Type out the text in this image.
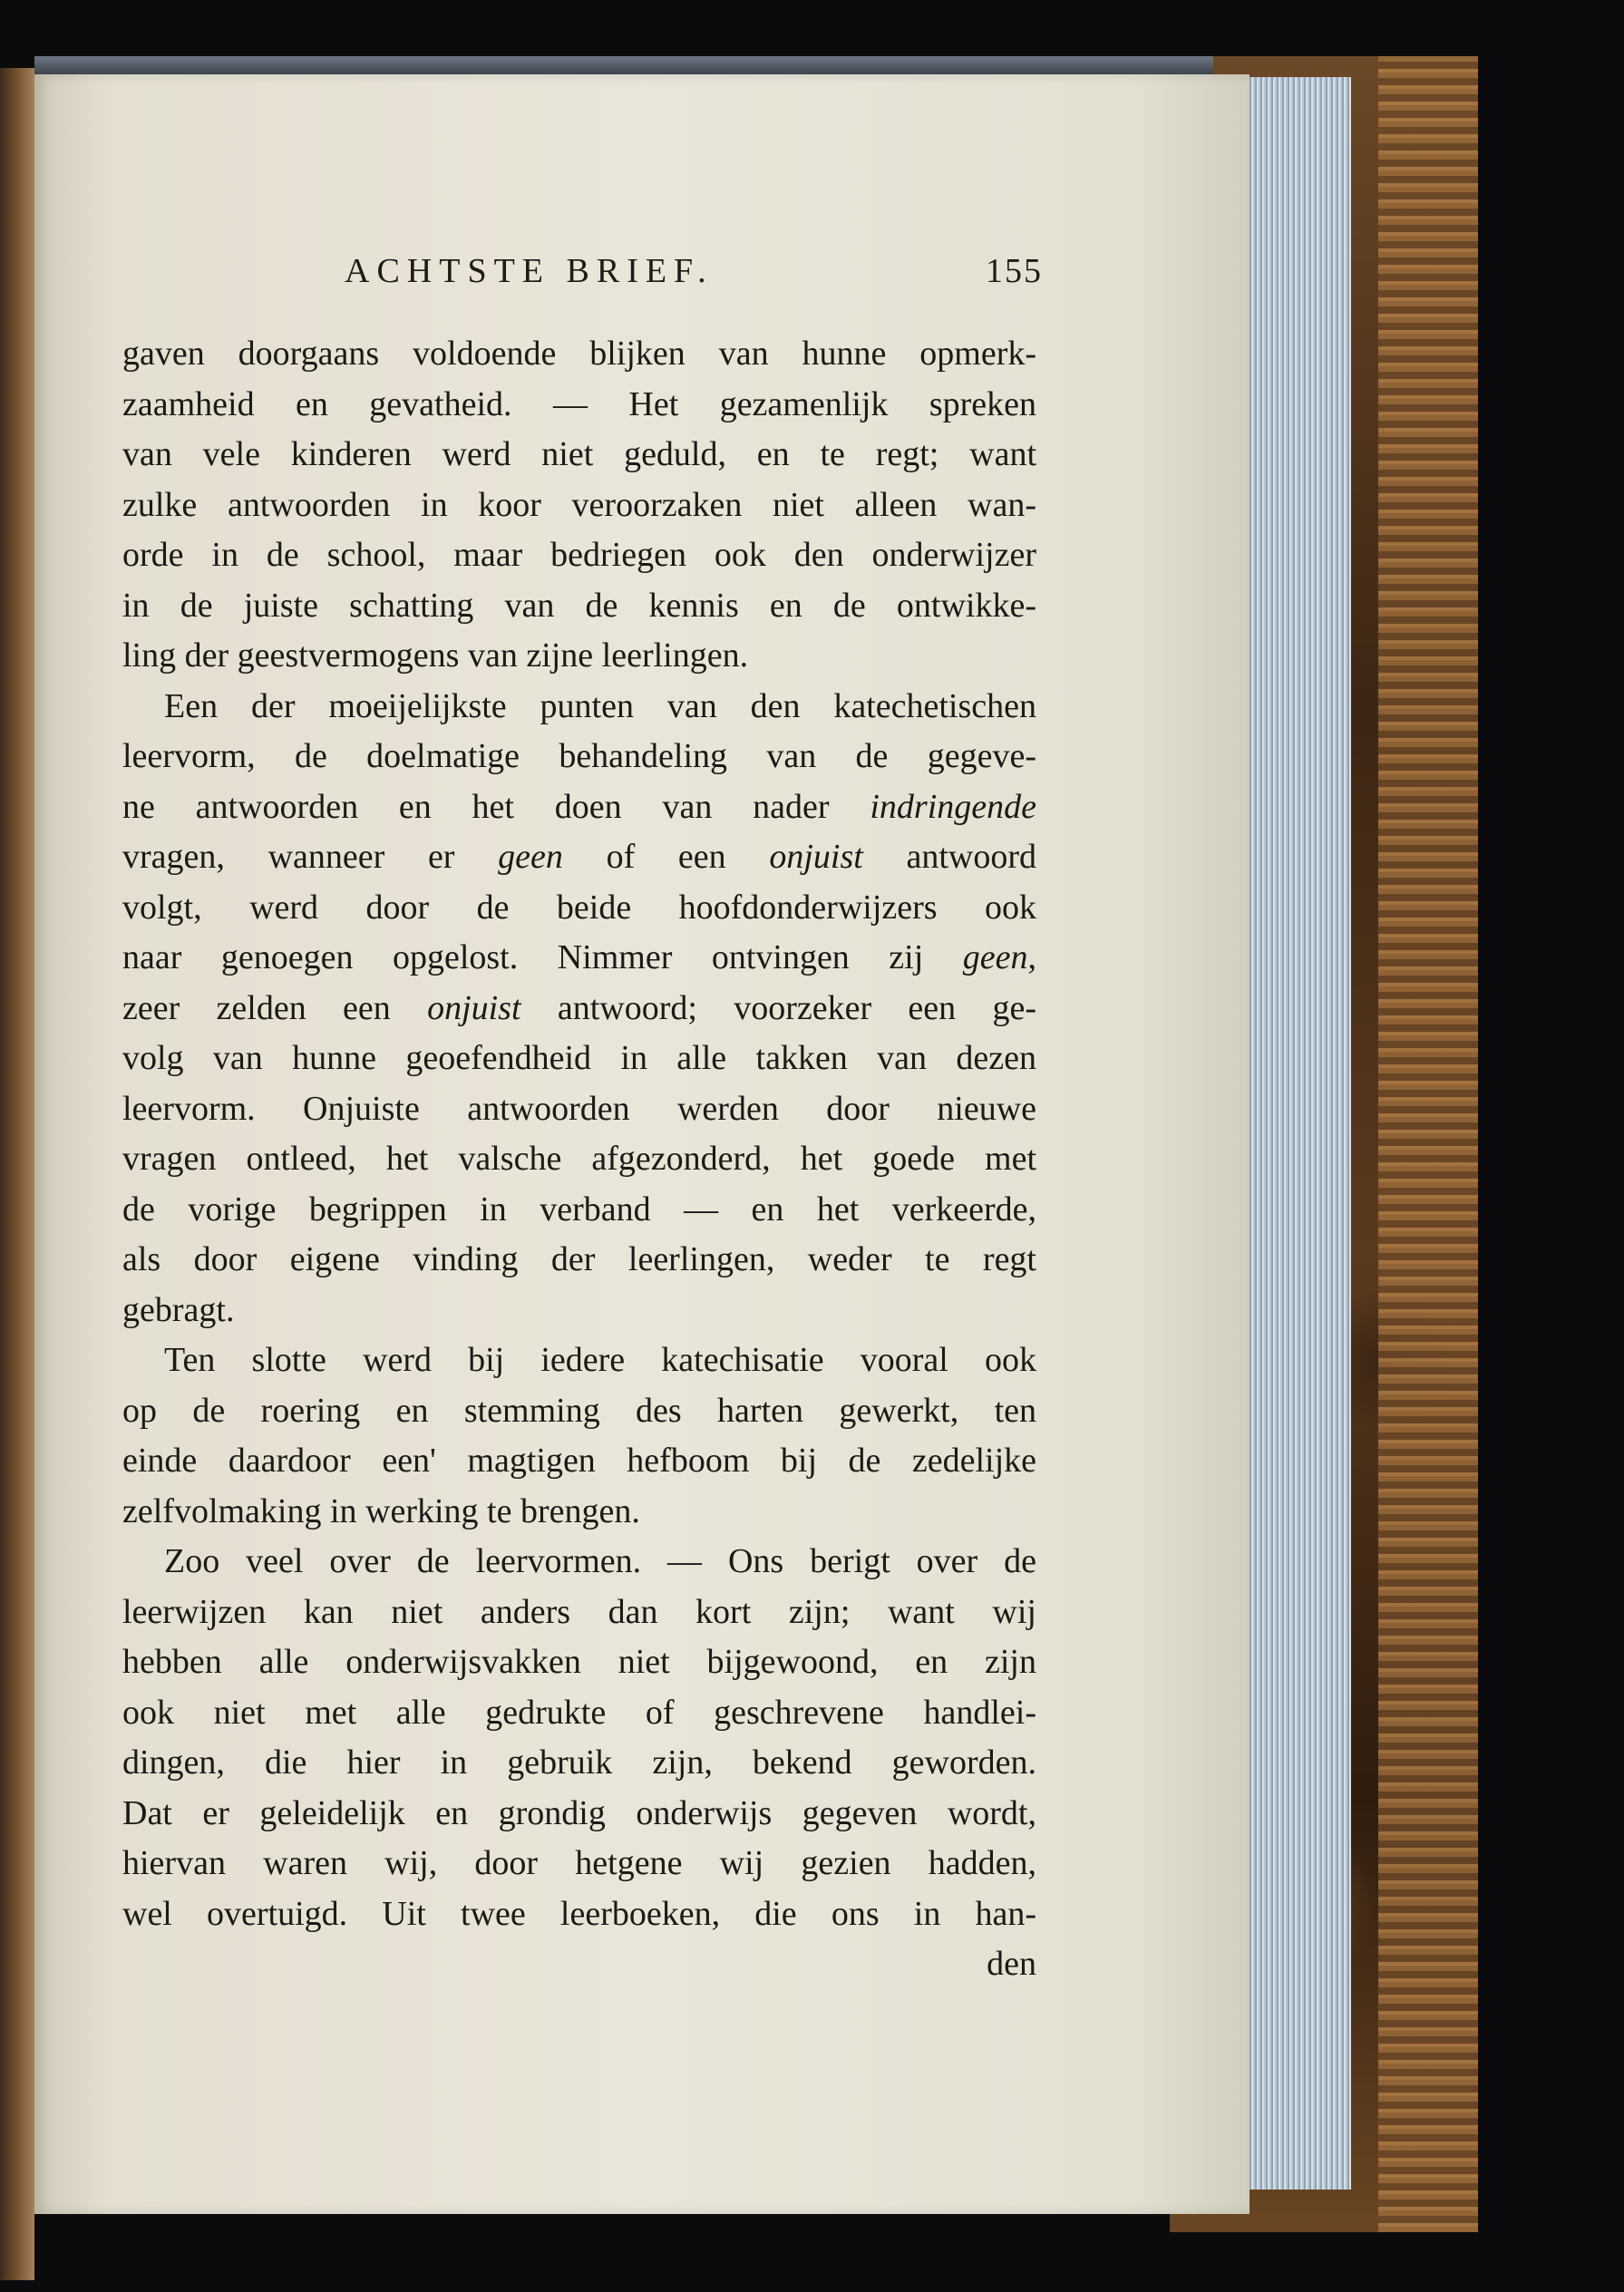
ACHTSTE BRIEF.	155
gaven doorgaans voldoende blijken van hunne opmerk-
zaamheid en gevatheid. — Het gezamenlijk spreken
van vele kinderen werd niet geduld, en te regt; want
zulke antwoorden in koor veroorzaken niet alleen wan-
orde in de school, maar bedriegen ook den onderwijzer
in de juiste schatting van de kennis en de ontwikke-
ling der geestvermogens van zijne leerlingen.
Een der moeijelijkste punten van den katechetischen
leervorm, de doelmatige behandeling van de gegeve-
ne antwoorden en het doen van nader indringende
vragen, wanneer er geen of een onjuist antwoord
volgt, werd door de beide hoofdonderwijzers ook
naar genoegen opgelost. Nimmer ontvingen zij geen,
zeer zelden een onjuist antwoord; voorzeker een ge-
volg van hunne geoefendheid in alle takken van dezen
leervorm. Onjuiste antwoorden werden door nieuwe
vragen ontleed, het valsche afgezonderd, het goede met
de vorige begrippen in verband — en het verkeerde,
als door eigene vinding der leerlingen, weder te regt
gebragt.
Ten slotte werd bij iedere katechisatie vooral ook
op de roering en stemming des harten gewerkt, ten
einde daardoor een' magtigen hefboom bij de zedelijke
zelfvolmaking in werking te brengen.
Zoo veel over de leervormen. — Ons berigt over de
leerwijzen kan niet anders dan kort zijn; want wij
hebben alle onderwijsvakken niet bijgewoond, en zijn
ook niet met alle gedrukte of geschrevene handlei-
dingen, die hier in gebruik zijn, bekend geworden.
Dat er geleidelijk en grondig onderwijs gegeven wordt,
hiervan waren wij, door hetgene wij gezien hadden,
wel overtuigd. Uit twee leerboeken, die ons in han-
den
